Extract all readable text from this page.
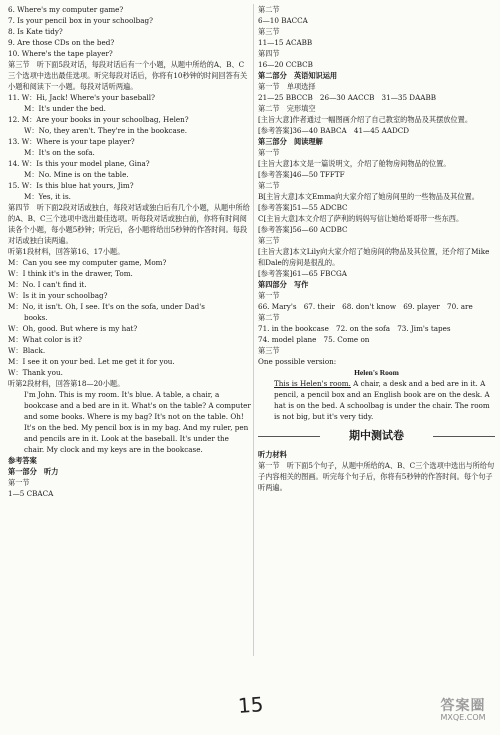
6. Where's my computer game?
7. Is your pencil box in your schoolbag?
8. Is Kate tidy?
9. Are those CDs on the bed?
10. Where's the tape player?
第三节　听下面5段对话，每段对话后有一个小题，从题中所给的A、B、C三个选项中选出最佳选项。听完每段对话后，你将有10秒钟的时间回答有关小题和阅读下一小题。每段对话听两遍。
11. W：Hi, Jack! Where's your baseball?
M：It's under the bed.
12. M：Are your books in your schoolbag, Helen?
W：No, they aren't. They're in the bookcase.
13. W：Where is your tape player?
M：It's on the sofa.
14. W：Is this your model plane, Gina?
M：No. Mine is on the table.
15. W：Is this blue hat yours, Jim?
M：Yes, it is.
第四节　听下面2段对话或独白，每段对话或独白后有几个小题，从题中所给的A、B、C三个选项中选出最佳选项。听每段对话或独白前，你将有时间阅读各个小题，每小题5秒钟；听完后，各小题将给出5秒钟的作答时间。每段对话或独白读两遍。
听第1段材料，回答第16、17小题。
M：Can you see my computer game, Mom?
W：I think it's in the drawer, Tom.
M：No. I can't find it.
W：Is it in your schoolbag?
M：No, it isn't. Oh, I see. It's on the sofa, under Dad's
books.
W：Oh, good. But where is my hat?
M：What color is it?
W：Black.
M：I see it on your bed. Let me get it for you.
W：Thank you.
听第2段材料，回答第18—20小题。
I'm John. This is my room. It's blue. A table, a chair, a bookcase and a bed are in it. What's on the table? A computer and some books. Where is my bag? It's not on the table. Oh! It's on the bed. My pencil box is in my bag. And my ruler, pen and pencils are in it. Look at the baseball. It's under the chair. My clock and my keys are in the bookcase.
参考答案
第一部分　听力
第一节
1—5 CBACA
第二节
6—10 BACCA
第三节
11—15 ACABB
第四节
16—20 CCBCB
第二部分　英语知识运用
第一节　单项选择
21—25 BBCCB　26—30 AACCB　31—35 DAABB
第二节　完形填空
[主旨大意]作者通过一幅图画介绍了自己教室的物品及其摆放位置。
[参考答案]36—40 BABCA　41—45 AADCD
第三部分　阅读理解
第一节
[主旨大意]本文是一篇说明文，介绍了舱物房间物品的位置。
[参考答案]46—50 TFFTF
第二节
B[主旨大意]本文Emma向大家介绍了她房间里的一些物品及其位置。
[参考答案]51—55 ADCBC
C[主旨大意]本文介绍了萨利的妈妈写信让她给哥哥带一些东西。
[参考答案]56—60 ACDBC
第三节
[主旨大意]本文Lily向大家介绍了她房间的物品及其位置，还介绍了Mike和Dale的房间是很乱的。
[参考答案]61—65 FBCGA
第四部分　写作
第一节
66. Mary's　67. their　68. don't know　69. player　70. are
第二节
71. in the bookcase　72. on the sofa　73. Jim's tapes
74. model plane　75. Come on
第三节
One possible version:
Helen's Room
This is Helen's room. A chair, a desk and a bed are in it. A pencil, a pencil box and an English book are on the desk. A hat is on the bed. A schoolbag is under the chair. The room is not big, but it's very tidy.
期中测试卷
听力材料
第一节　听下面5个句子，从题中所给的A、B、C三个选项中选出与所给句子内容相关的图画。听完每个句子后，你将有5秒钟的作答时间。每个句子听两遍。
15	答案圈
MXQE.COM
